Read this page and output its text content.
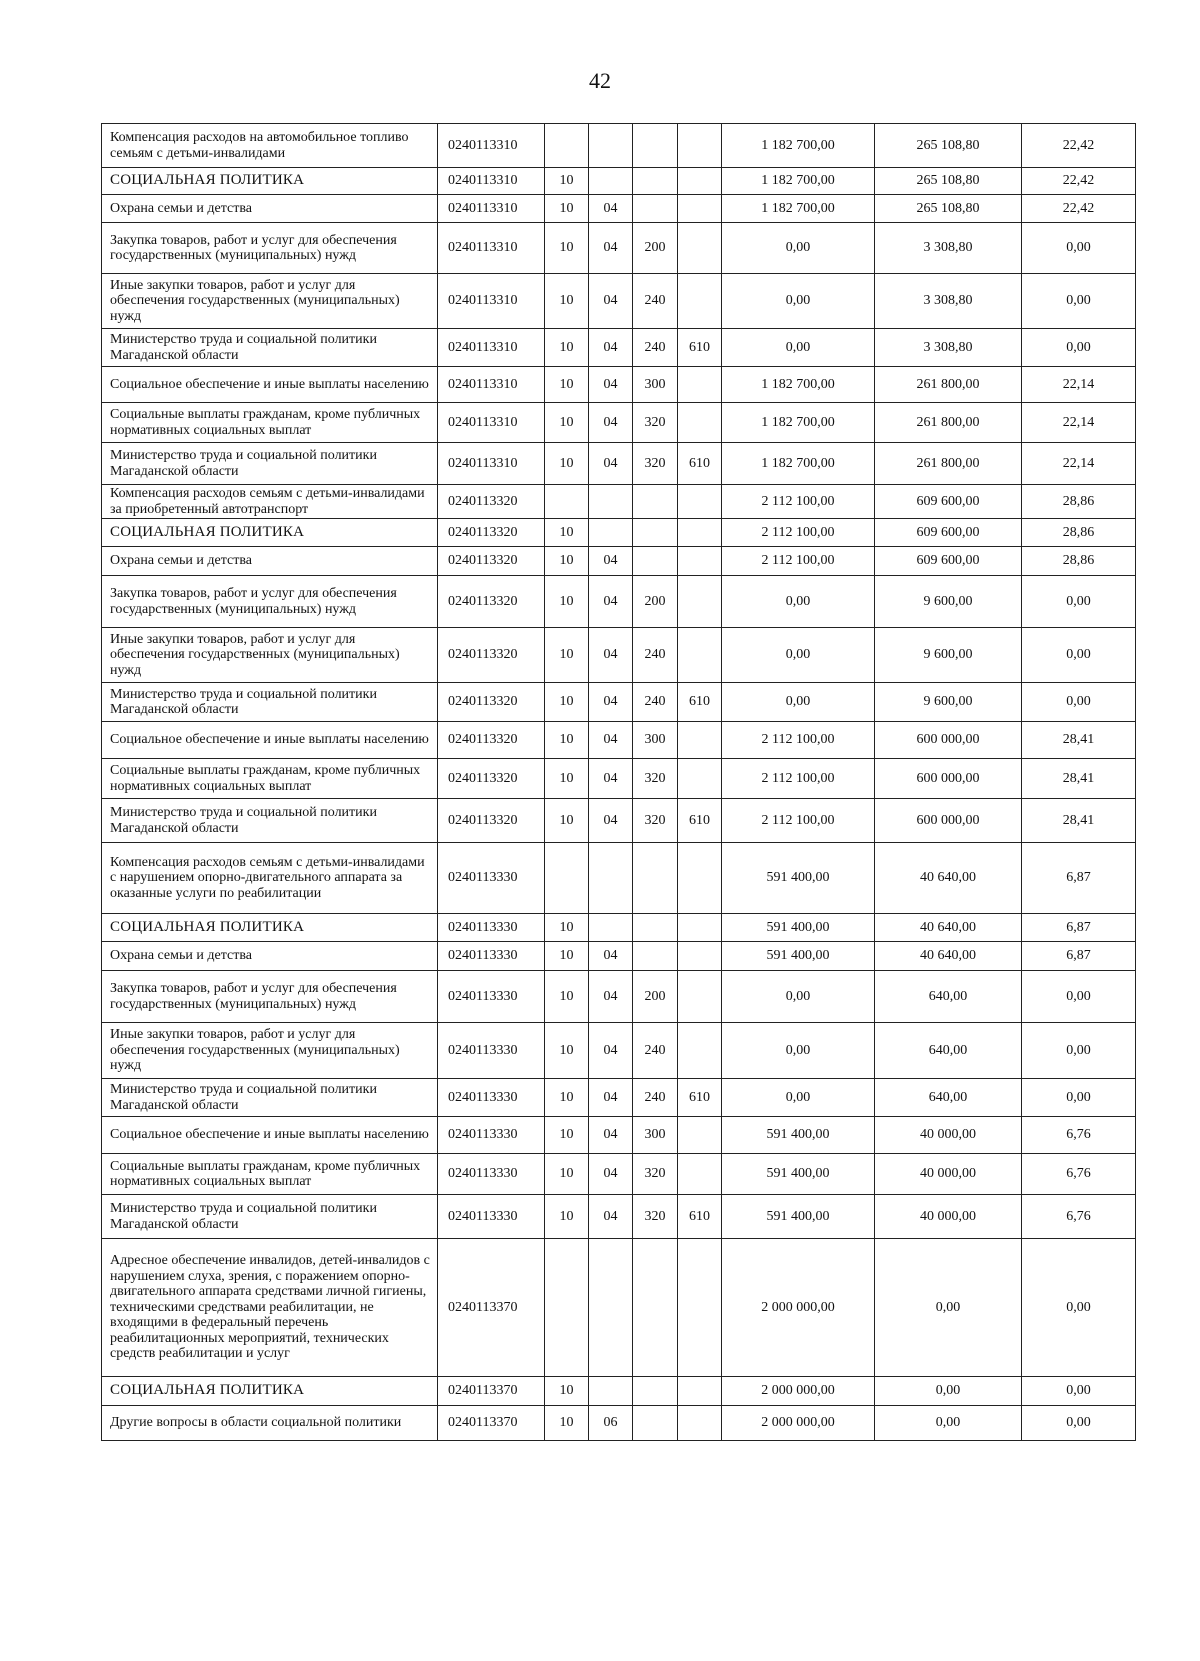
42
Компенсация расходов на автомобильное топливо семьям с детьми-инвалидами	0240113310					1 182 700,00	265 108,80	22,42
СОЦИАЛЬНАЯ ПОЛИТИКА	0240113310	10				1 182 700,00	265 108,80	22,42
Охрана семьи и детства	0240113310	10	04			1 182 700,00	265 108,80	22,42
Закупка товаров, работ и услуг для обеспечения государственных (муниципальных) нужд	0240113310	10	04	200		0,00	3 308,80	0,00
Иные закупки товаров, работ и услуг для обеспечения государственных (муниципальных) нужд	0240113310	10	04	240		0,00	3 308,80	0,00
Министерство труда и социальной политики Магаданской области	0240113310	10	04	240	610	0,00	3 308,80	0,00
Социальное обеспечение и иные выплаты населению	0240113310	10	04	300		1 182 700,00	261 800,00	22,14
Социальные выплаты гражданам, кроме публичных нормативных социальных выплат	0240113310	10	04	320		1 182 700,00	261 800,00	22,14
Министерство труда и социальной политики Магаданской области	0240113310	10	04	320	610	1 182 700,00	261 800,00	22,14
Компенсация расходов семьям с детьми-инвалидами за приобретенный автотранспорт	0240113320					2 112 100,00	609 600,00	28,86
СОЦИАЛЬНАЯ ПОЛИТИКА	0240113320	10				2 112 100,00	609 600,00	28,86
Охрана семьи и детства	0240113320	10	04			2 112 100,00	609 600,00	28,86
Закупка товаров, работ и услуг для обеспечения государственных (муниципальных) нужд	0240113320	10	04	200		0,00	9 600,00	0,00
Иные закупки товаров, работ и услуг для обеспечения государственных (муниципальных) нужд	0240113320	10	04	240		0,00	9 600,00	0,00
Министерство труда и социальной политики Магаданской области	0240113320	10	04	240	610	0,00	9 600,00	0,00
Социальное обеспечение и иные выплаты населению	0240113320	10	04	300		2 112 100,00	600 000,00	28,41
Социальные выплаты гражданам, кроме публичных нормативных социальных выплат	0240113320	10	04	320		2 112 100,00	600 000,00	28,41
Министерство труда и социальной политики Магаданской области	0240113320	10	04	320	610	2 112 100,00	600 000,00	28,41
Компенсация расходов семьям с детьми-инвалидами с нарушением опорно-двигательного аппарата за оказанные услуги по реабилитации	0240113330					591 400,00	40 640,00	6,87
СОЦИАЛЬНАЯ ПОЛИТИКА	0240113330	10				591 400,00	40 640,00	6,87
Охрана семьи и детства	0240113330	10	04			591 400,00	40 640,00	6,87
Закупка товаров, работ и услуг для обеспечения государственных (муниципальных) нужд	0240113330	10	04	200		0,00	640,00	0,00
Иные закупки товаров, работ и услуг для обеспечения государственных (муниципальных) нужд	0240113330	10	04	240		0,00	640,00	0,00
Министерство труда и социальной политики Магаданской области	0240113330	10	04	240	610	0,00	640,00	0,00
Социальное обеспечение и иные выплаты населению	0240113330	10	04	300		591 400,00	40 000,00	6,76
Социальные выплаты гражданам, кроме публичных нормативных социальных выплат	0240113330	10	04	320		591 400,00	40 000,00	6,76
Министерство труда и социальной политики Магаданской области	0240113330	10	04	320	610	591 400,00	40 000,00	6,76
Адресное обеспечение инвалидов, детей-инвалидов с нарушением слуха, зрения, с поражением опорно-двигательного аппарата средствами личной гигиены, техническими средствами реабилитации, не входящими в федеральный перечень реабилитационных мероприятий, технических средств реабилитации и услуг	0240113370					2 000 000,00	0,00	0,00
СОЦИАЛЬНАЯ ПОЛИТИКА	0240113370	10				2 000 000,00	0,00	0,00
Другие вопросы в области социальной политики	0240113370	10	06			2 000 000,00	0,00	0,00
